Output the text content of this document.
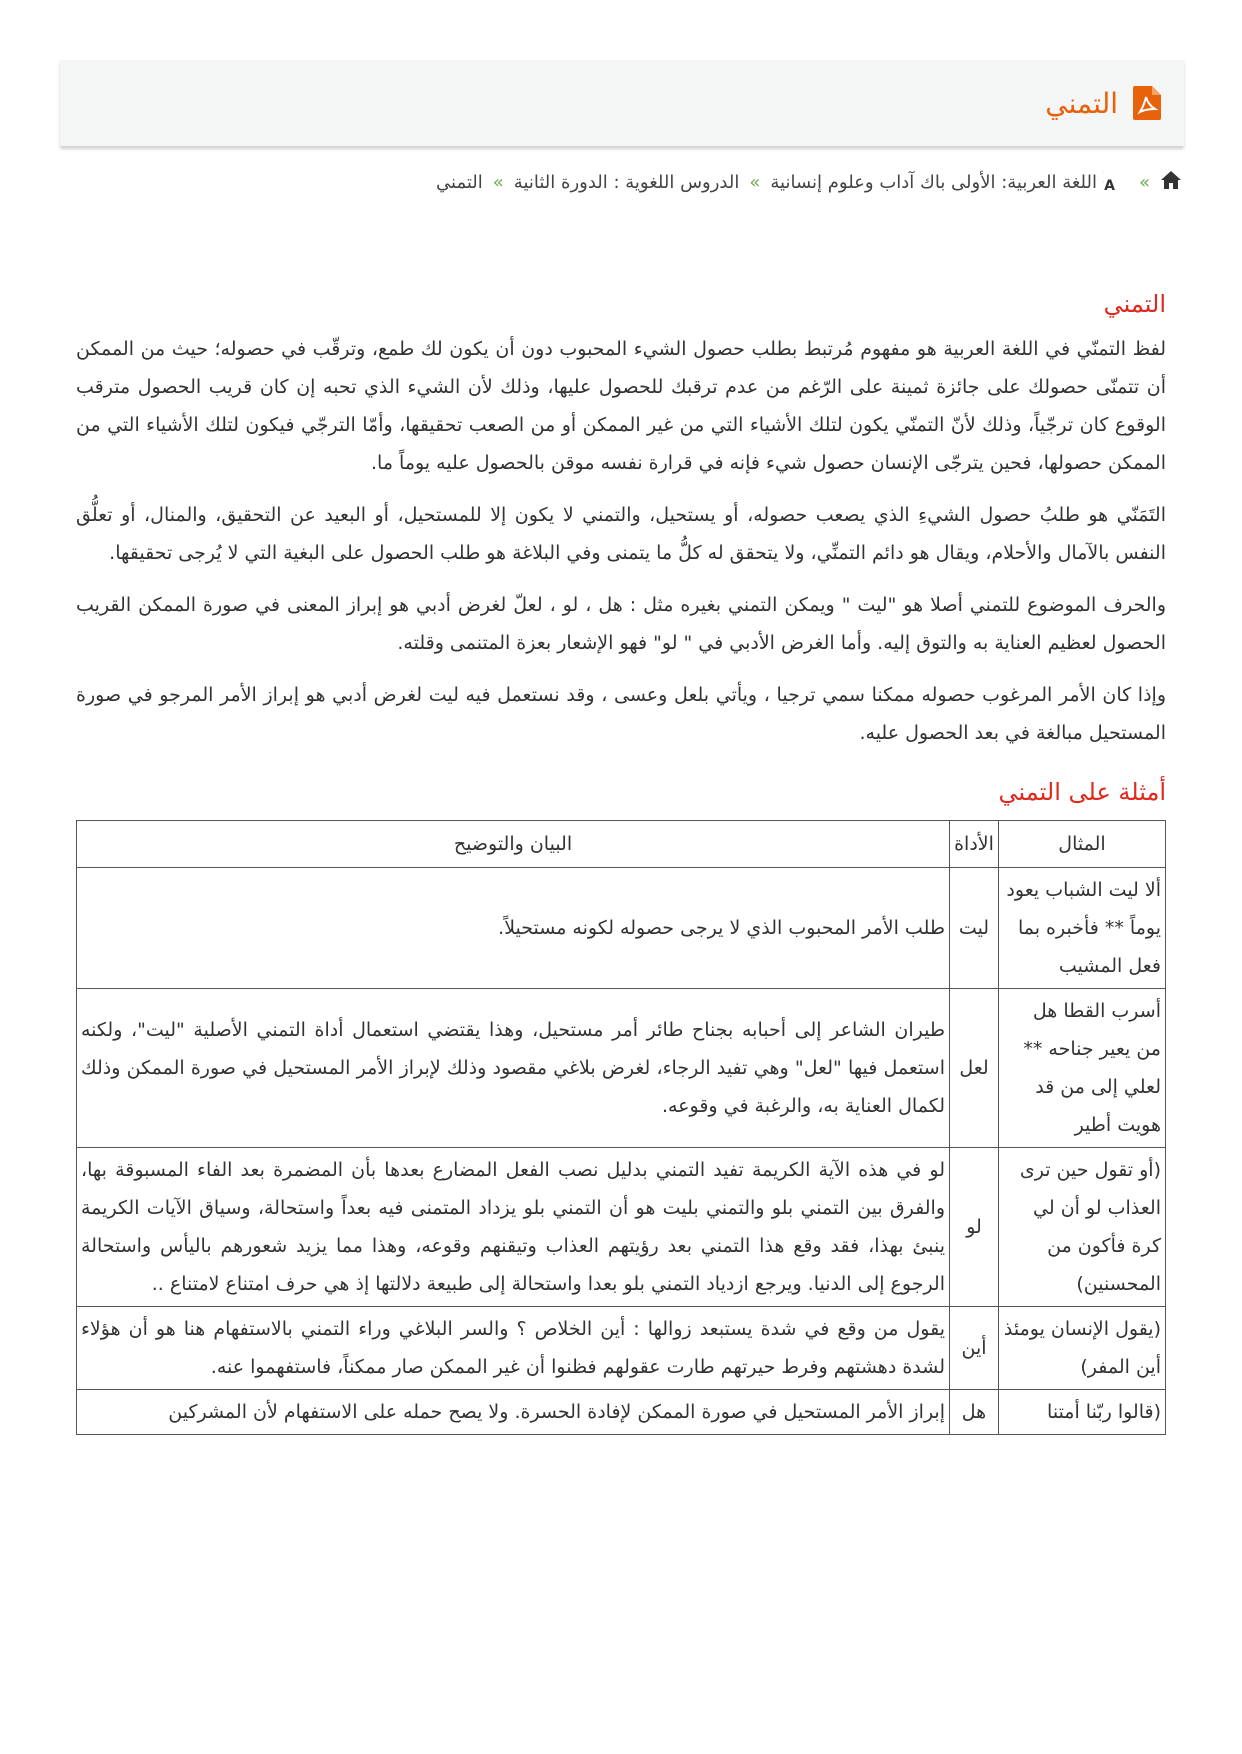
التمني
»
A
اللغة العربية: الأولى باك آداب وعلوم إنسانية
»
الدروس اللغوية : الدورة الثانية
»
التمني
التمني

لفظ التمنّي في اللغة العربية هو مفهوم مُرتبط بطلب حصول الشيء المحبوب دون أن يكون لك طمع، وترقّب في حصوله؛ حيث من الممكن أن تتمنّى حصولك على جائزة ثمينة على الرّغم من عدم ترقبك للحصول عليها، وذلك لأن الشيء الذي تحبه إن كان قريب الحصول مترقب الوقوع كان ترجّياً، وذلك لأنّ التمنّي يكون لتلك الأشياء التي من غير الممكن أو من الصعب تحقيقها، وأمّا الترجّي فيكون لتلك الأشياء التي من الممكن حصولها، فحين يترجّى الإنسان حصول شيء فإنه في قرارة نفسه موقن بالحصول عليه يوماً ما.

التَمَنّي هو طلبُ حصول الشيءِ الذي يصعب حصوله، أو يستحيل، والتمني لا يكون إلا للمستحيل، أو البعيد عن التحقيق، والمنال، أو تعلُّق النفس بالآمال والأحلام، ويقال هو دائم التمنِّي، ولا يتحقق له كلُّ ما يتمنى وفي البلاغة هو طلب الحصول على البغية التي لا يُرجى تحقيقها.

والحرف الموضوع للتمني أصلا هو "ليت " ويمكن التمني بغيره مثل : هل ، لو ، لعلّ لغرض أدبي هو إبراز المعنى في صورة الممكن القريب الحصول لعظيم العناية به والتوق إليه. وأما الغرض الأدبي في " لو" فهو الإشعار بعزة المتنمى وقلته.

وإذا كان الأمر المرغوب حصوله ممكنا سمي ترجيا ، ويأتي بلعل وعسى ، وقد نستعمل فيه ليت لغرض أدبي هو إبراز الأمر المرجو في صورة المستحيل مبالغة في بعد الحصول عليه.

أمثلة على التمني
المثال	الأداة	البيان والتوضيح
ألا ليت الشباب يعود يوماً ** فأخبره بما فعل المشيب	ليت	طلب الأمر المحبوب الذي لا يرجى حصوله لكونه مستحيلاً.
أسرب القطا هل من يعير جناحه ** لعلي إلى من قد هويت أطير	لعل	طيران الشاعر إلى أحبابه بجناح طائر أمر مستحيل، وهذا يقتضي استعمال أداة التمني الأصلية "ليت"، ولكنه استعمل فيها "لعل" وهي تفيد الرجاء، لغرض بلاغي مقصود وذلك لإبراز الأمر المستحيل في صورة الممكن وذلك لكمال العناية به، والرغبة في وقوعه.
(أو تقول حين ترى العذاب لو أن لي كرة فأكون من المحسنين)	لو	لو في هذه الآية الكريمة تفيد التمني بدليل نصب الفعل المضارع بعدها بأن المضمرة بعد الفاء المسبوقة بها، والفرق بين التمني بلو والتمني بليت هو أن التمني بلو يزداد المتمنى فيه بعداً واستحالة، وسياق الآيات الكريمة ينبئ بهذا، فقد وقع هذا التمني بعد رؤيتهم العذاب وتيقنهم وقوعه، وهذا مما يزيد شعورهم باليأس واستحالة الرجوع إلى الدنيا. ويرجع ازدياد التمني بلو بعدا واستحالة إلى طبيعة دلالتها إذ هي حرف امتناع لامتناع ..
(يقول الإنسان يومئذ أين المفر)	أين	يقول من وقع في شدة يستبعد زوالها : أين الخلاص ؟ والسر البلاغي وراء التمني بالاستفهام هنا هو أن هؤلاء لشدة دهشتهم وفرط حيرتهم طارت عقولهم فظنوا أن غير الممكن صار ممكناً، فاستفهموا عنه.
(قالوا ربّنا أمتنا	هل	إبراز الأمر المستحيل في صورة الممكن لإفادة الحسرة. ولا يصح حمله على الاستفهام لأن المشركين
